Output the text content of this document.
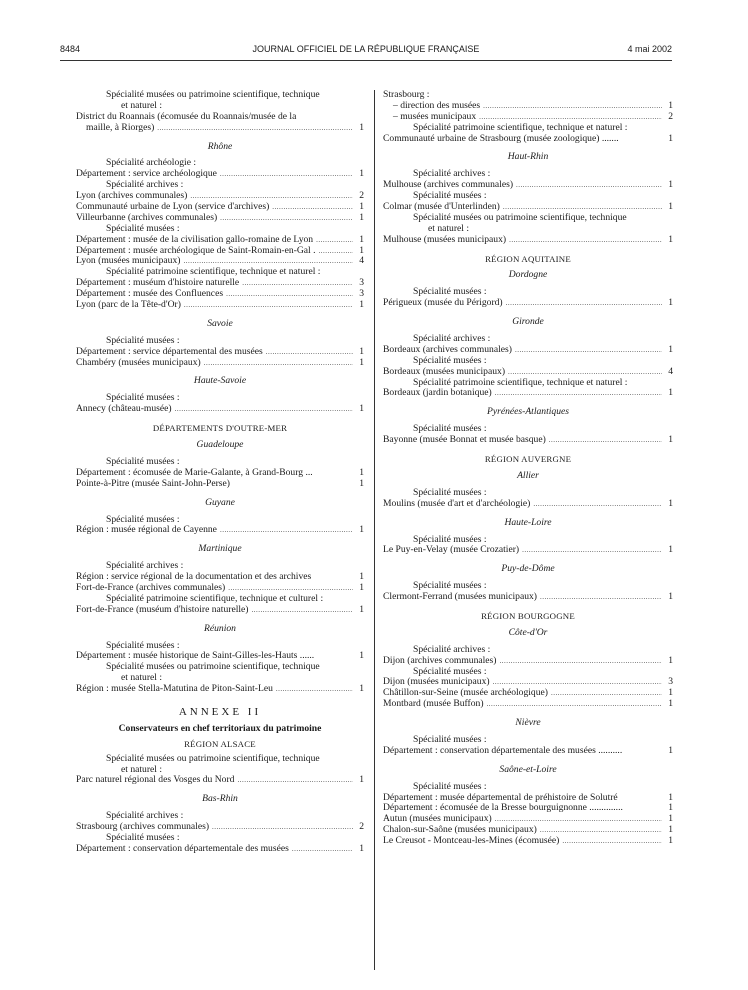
8484	JOURNAL OFFICIEL DE LA RÉPUBLIQUE FRANÇAISE	4 mai 2002
Spécialité musées ou patrimoine scientifique, technique
et naturel :
District du Roannais (écomusée du Roannais/musée de la
maille, à Riorges) .....	1
Rhône
Spécialité archéologie :
Département : service archéologique .....	1
Spécialité archives :
Lyon (archives communales) .....	2
Communauté urbaine de Lyon (service d'archives) .....	1
Villeurbanne (archives communales) .....	1
Spécialité musées :
Département : musée de la civilisation gallo-romaine de Lyon .....	1
Département : musée archéologique de Saint-Romain-en-Gal . .....	1
Lyon (musées municipaux) .....	4
Spécialité patrimoine scientifique, technique et naturel :
Département : muséum d'histoire naturelle .....	3
Département : musée des Confluences .....	3
Lyon (parc de la Tête-d'Or) .....	1
Savoie
Spécialité musées :
Département : service départemental des musées .....	1
Chambéry (musées municipaux) .....	1
Haute-Savoie
Spécialité musées :
Annecy (château-musée) .....	1
DÉPARTEMENTS D'OUTRE-MER
Guadeloupe
Spécialité musées :
Département : écomusée de Marie-Galante, à Grand-Bourg ...	1
Pointe-à-Pitre (musée Saint-John-Perse)	1
Guyane
Spécialité musées :
Région : musée régional de Cayenne .....	1
Martinique
Spécialité archives :
Région : service régional de la documentation et des archives	1
Fort-de-France (archives communales) .....	1
Spécialité patrimoine scientifique, technique et culturel :
Fort-de-France (muséum d'histoire naturelle) .....	1
Réunion
Spécialité musées :
Département : musée historique de Saint-Gilles-les-Hauts ......	1
Spécialité musées ou patrimoine scientifique, technique
et naturel :
Région : musée Stella-Matutina de Piton-Saint-Leu .....	1
ANNEXE II
Conservateurs en chef territoriaux du patrimoine
RÉGION ALSACE
Spécialité musées ou patrimoine scientifique, technique
et naturel :
Parc naturel régional des Vosges du Nord .....	1
Bas-Rhin
Spécialité archives :
Strasbourg (archives communales) .....	2
Spécialité musées :
Département : conservation départementale des musées .....	1
Strasbourg :
– direction des musées .....	1
– musées municipaux .....	2
Spécialité patrimoine scientifique, technique et naturel :
Communauté urbaine de Strasbourg (musée zoologique) .......	1
Haut-Rhin
Spécialité archives :
Mulhouse (archives communales) .....	1
Spécialité musées :
Colmar (musée d'Unterlinden) .....	1
Spécialité musées ou patrimoine scientifique, technique
et naturel :
Mulhouse (musées municipaux) .....	1
RÉGION AQUITAINE
Dordogne
Spécialité musées :
Périgueux (musée du Périgord) .....	1
Gironde
Spécialité archives :
Bordeaux (archives communales) .....	1
Spécialité musées :
Bordeaux (musées municipaux) .....	4
Spécialité patrimoine scientifique, technique et naturel :
Bordeaux (jardin botanique) .....	1
Pyrénées-Atlantiques
Spécialité musées :
Bayonne (musée Bonnat et musée basque) .....	1
RÉGION AUVERGNE
Allier
Spécialité musées :
Moulins (musée d'art et d'archéologie) .....	1
Haute-Loire
Spécialité musées :
Le Puy-en-Velay (musée Crozatier) .....	1
Puy-de-Dôme
Spécialité musées :
Clermont-Ferrand (musées municipaux) .....	1
RÉGION BOURGOGNE
Côte-d'Or
Spécialité archives :
Dijon (archives communales) .....	1
Spécialité musées :
Dijon (musées municipaux) .....	3
Châtillon-sur-Seine (musée archéologique) .....	1
Montbard (musée Buffon) .....	1
Nièvre
Spécialité musées :
Département : conservation départementale des musées ..........	1
Saône-et-Loire
Spécialité musées :
Département : musée départemental de préhistoire de Solutré	1
Département : écomusée de la Bresse bourguignonne ..............	1
Autun (musées municipaux) .....	1
Chalon-sur-Saône (musées municipaux) .....	1
Le Creusot - Montceau-les-Mines (écomusée) .....	1
